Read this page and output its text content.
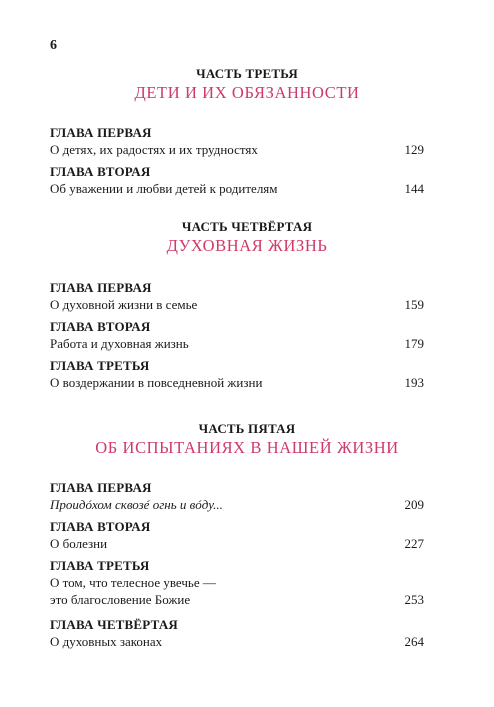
6
ЧАСТЬ ТРЕТЬЯ
ДЕТИ И ИХ ОБЯЗАННОСТИ
ГЛАВА ПЕРВАЯ
О детях, их радостях и их трудностях	129
ГЛАВА ВТОРАЯ
Об уважении и любви детей к родителям	144
ЧАСТЬ ЧЕТВЁРТАЯ
ДУХОВНАЯ ЖИЗНЬ
ГЛАВА ПЕРВАЯ
О духовной жизни в семье	159
ГЛАВА ВТОРАЯ
Работа и духовная жизнь	179
ГЛАВА ТРЕТЬЯ
О воздержании в повседневной жизни	193
ЧАСТЬ ПЯТАЯ
ОБ ИСПЫТАНИЯХ В НАШЕЙ ЖИЗНИ
ГЛАВА ПЕРВАЯ
Проидóхом сквозé огнь и вóду...	209
ГЛАВА ВТОРАЯ
О болезни	227
ГЛАВА ТРЕТЬЯ
О том, что телесное увечье —
это благословение Божие	253
ГЛАВА ЧЕТВЁРТАЯ
О духовных законах	264
